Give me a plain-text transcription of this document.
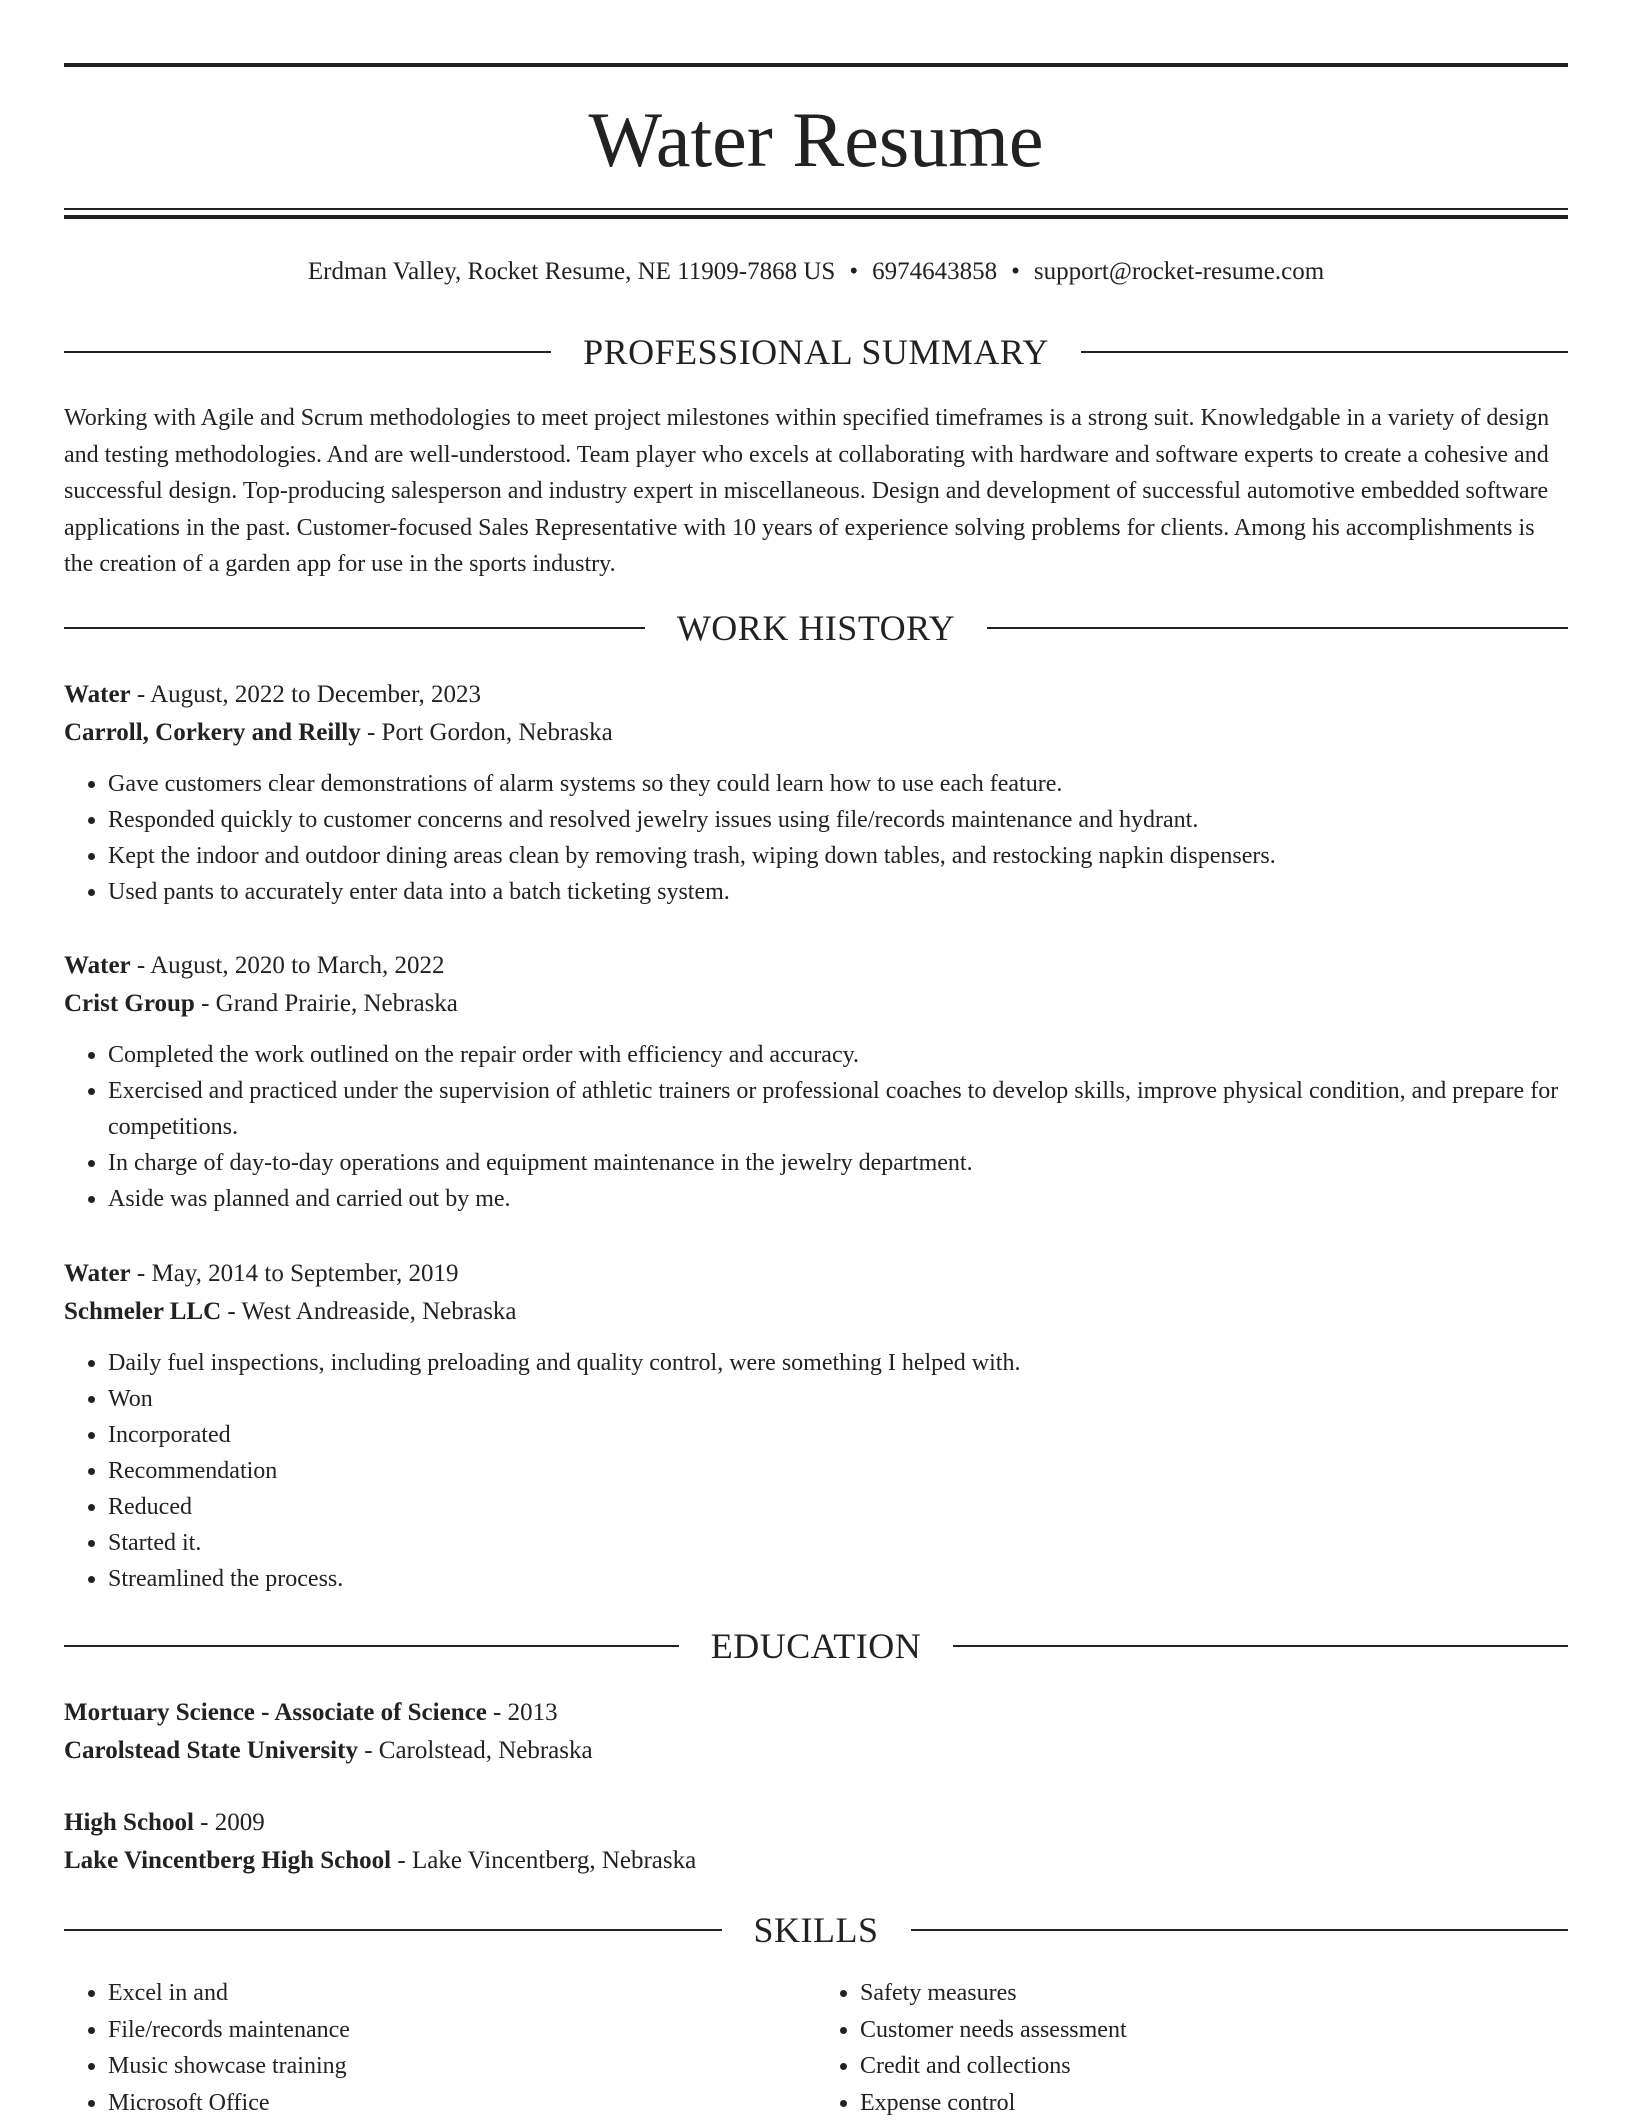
Water Resume
Erdman Valley, Rocket Resume, NE 11909-7868 US • 6974643858 • support@rocket-resume.com
PROFESSIONAL SUMMARY

Working with Agile and Scrum methodologies to meet project milestones within specified timeframes is a strong suit. Knowledgable in a variety of design and testing methodologies. And are well-understood. Team player who excels at collaborating with hardware and software experts to create a cohesive and successful design. Top-producing salesperson and industry expert in miscellaneous. Design and development of successful automotive embedded software applications in the past. Customer-focused Sales Representative with 10 years of experience solving problems for clients. Among his accomplishments is the creation of a garden app for use in the sports industry.

WORK HISTORY
Water - August, 2022 to December, 2023
Carroll, Corkery and Reilly - Port Gordon, Nebraska
• Gave customers clear demonstrations of alarm systems so they could learn how to use each feature.
• Responded quickly to customer concerns and resolved jewelry issues using file/records maintenance and hydrant.
• Kept the indoor and outdoor dining areas clean by removing trash, wiping down tables, and restocking napkin dispensers.
• Used pants to accurately enter data into a batch ticketing system.
Water - August, 2020 to March, 2022
Crist Group - Grand Prairie, Nebraska
• Completed the work outlined on the repair order with efficiency and accuracy.
• Exercised and practiced under the supervision of athletic trainers or professional coaches to develop skills, improve physical condition, and prepare for competitions.
• In charge of day-to-day operations and equipment maintenance in the jewelry department.
• Aside was planned and carried out by me.
Water - May, 2014 to September, 2019
Schmeler LLC - West Andreaside, Nebraska
• Daily fuel inspections, including preloading and quality control, were something I helped with.
• Won
• Incorporated
• Recommendation
• Reduced
• Started it.
• Streamlined the process.
EDUCATION
Mortuary Science - Associate of Science - 2013
Carolstead State University - Carolstead, Nebraska
High School - 2009
Lake Vincentberg High School - Lake Vincentberg, Nebraska
SKILLS
• Excel in and
• File/records maintenance
• Music showcase training
• Microsoft Office
• Safety measures
• Customer needs assessment
• Credit and collections
• Expense control
